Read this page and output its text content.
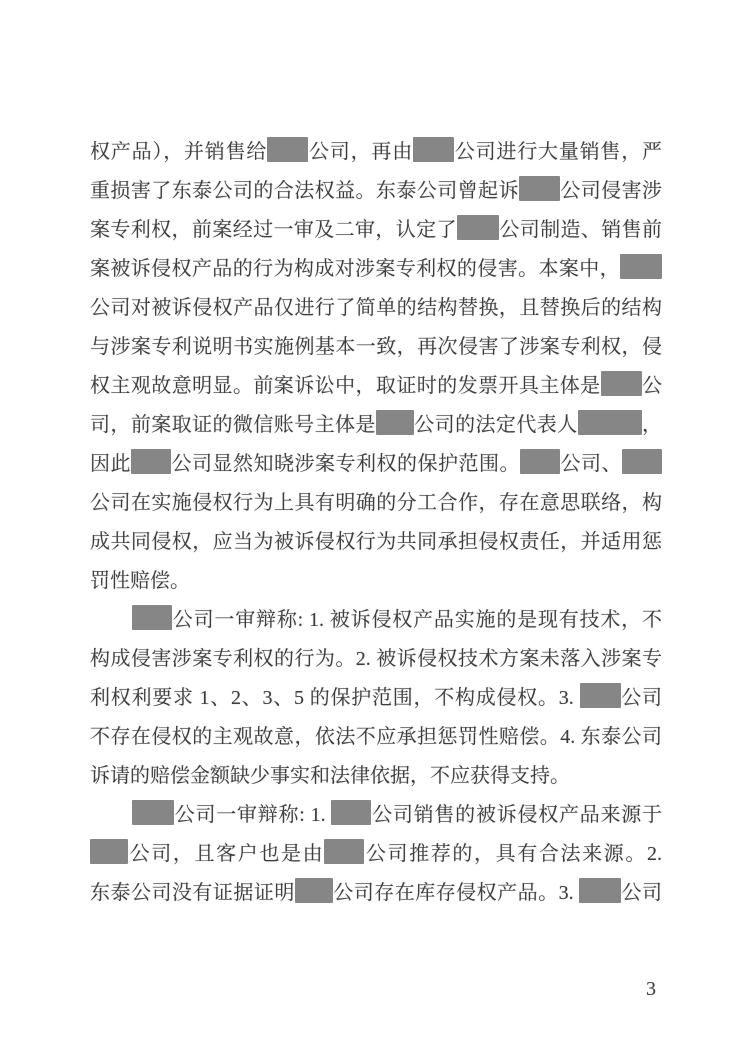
权产品），并销售给 公司，再由 公司进行大量销售，严
重损害了东泰公司的合法权益。东泰公司曾起诉 公司侵害涉
案专利权，前案经过一审及二审，认定了 公司制造、销售前
案被诉侵权产品的行为构成对涉案专利权的侵害。本案中，
公司对被诉侵权产品仅进行了简单的结构替换，且替换后的结构
与涉案专利说明书实施例基本一致，再次侵害了涉案专利权，侵
权主观故意明显。前案诉讼中，取证时的发票开具主体是 公
司，前案取证的微信账号主体是 公司的法定代表人	，
因此 公司显然知晓涉案专利权的保护范围。 公司、
公司在实施侵权行为上具有明确的分工合作，存在意思联络，构
成共同侵权，应当为被诉侵权行为共同承担侵权责任，并适用惩
罚性赔偿。
公司一审辩称: 1. 被诉侵权产品实施的是现有技术，不
构成侵害涉案专利权的行为。2. 被诉侵权技术方案未落入涉案专
利权利要求 1、2、3、5 的保护范围，不构成侵权。3. 公司
不存在侵权的主观故意，依法不应承担惩罚性赔偿。4. 东泰公司
诉请的赔偿金额缺少事实和法律依据，不应获得支持。
公司一审辩称: 1. 公司销售的被诉侵权产品来源于
公司，且客户也是由 公司推荐的，具有合法来源。2.
东泰公司没有证据证明 公司存在库存侵权产品。3. 公司
3
